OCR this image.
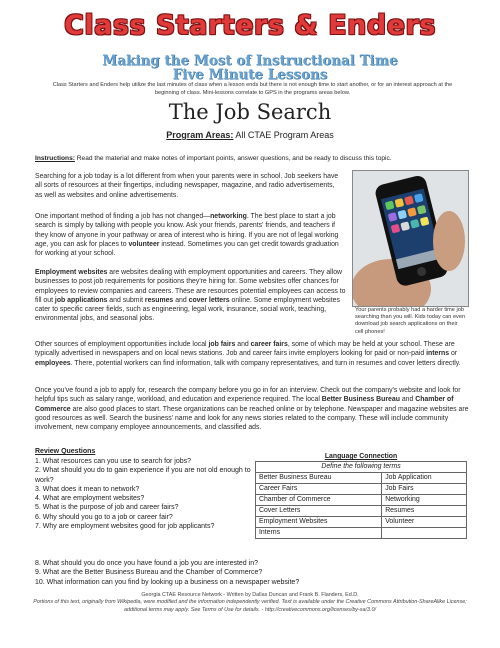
Class Starters & Enders
Making the Most of Instructional Time
Five Minute Lessons
Class Starters and Enders help utilize the last minutes of class when a lesson ends but there is not enough time to start another, or for an interest approach at the beginning of class. Mini-lessons correlate to GPS in the programs areas below.
The Job Search
Program Areas: All CTAE Program Areas
Instructions: Read the material and make notes of important points, answer questions, and be ready to discuss this topic.
Searching for a job today is a lot different from when your parents were in school. Job seekers have all sorts of resources at their fingertips, including newspaper, magazine, and radio advertisements, as well as websites and online advertisements.
One important method of finding a job has not changed—networking. The best place to start a job search is simply by talking with people you know. Ask your friends, parents' friends, and teachers if they know of anyone in your pathway or area of interest who is hiring. If you are not of legal working age, you can ask for places to volunteer instead. Sometimes you can get credit towards graduation for working at your school.
Employment websites are websites dealing with employment opportunities and careers. They allow businesses to post job requirements for positions they're hiring for. Some websites offer chances for employees to review companies and careers. These are resources potential employees can access to fill out job applications and submit resumes and cover letters online. Some employment websites cater to specific career fields, such as engineering, legal work, insurance, social work, teaching, environmental jobs, and seasonal jobs.
Your parents probably had a harder time job searching than you will. Kids today can even download job search applications on their cell phones!
Other sources of employment opportunities include local job fairs and career fairs, some of which may be held at your school. These are typically advertised in newspapers and on local news stations. Job and career fairs invite employers looking for paid or non-paid interns or employees. There, potential workers can find information, talk with company representatives, and turn in resumes and cover letters directly.
Once you've found a job to apply for, research the company before you go in for an interview. Check out the company's website and look for helpful tips such as salary range, workload, and education and experience required. The local Better Business Bureau and Chamber of Commerce are also good places to start. These organizations can be reached online or by telephone. Newspaper and magazine websites are good resources as well. Search the business' name and look for any news stories related to the company. These will include community involvement, new company employee announcements, and classified ads.
Review Questions
1. What resources can you use to search for jobs?
2. What should you do to gain experience if you are not old enough to work?
3. What does it mean to network?
4. What are employment websites?
5. What is the purpose of job and career fairs?
6. Why should you go to a job or career fair?
7. Why are employment websites good for job applicants?
8. What should you do once you have found a job you are interested in?
9. What are the Better Business Bureau and the Chamber of Commerce?
10. What information can you find by looking up a business on a newspaper website?
Language Connection
Define the following terms	
Better Business Bureau	Job Application
Career Fairs	Job Fairs
Chamber of Commerce	Networking
Cover Letters	Resumes
Employment Websites	Volunteer
Interns	
Georgia CTAE Resource Network - Written by Dallas Duncan and Frank B. Flanders, Ed.D.
Portions of this text, originally from Wikipedia, were modified and the information independently verified. Text is available under the Creative Commons Attribution-ShareAlike License; additional terms may apply. See Terms of Use for details. - http://creativecommons.org/licenses/by-sa/3.0/
